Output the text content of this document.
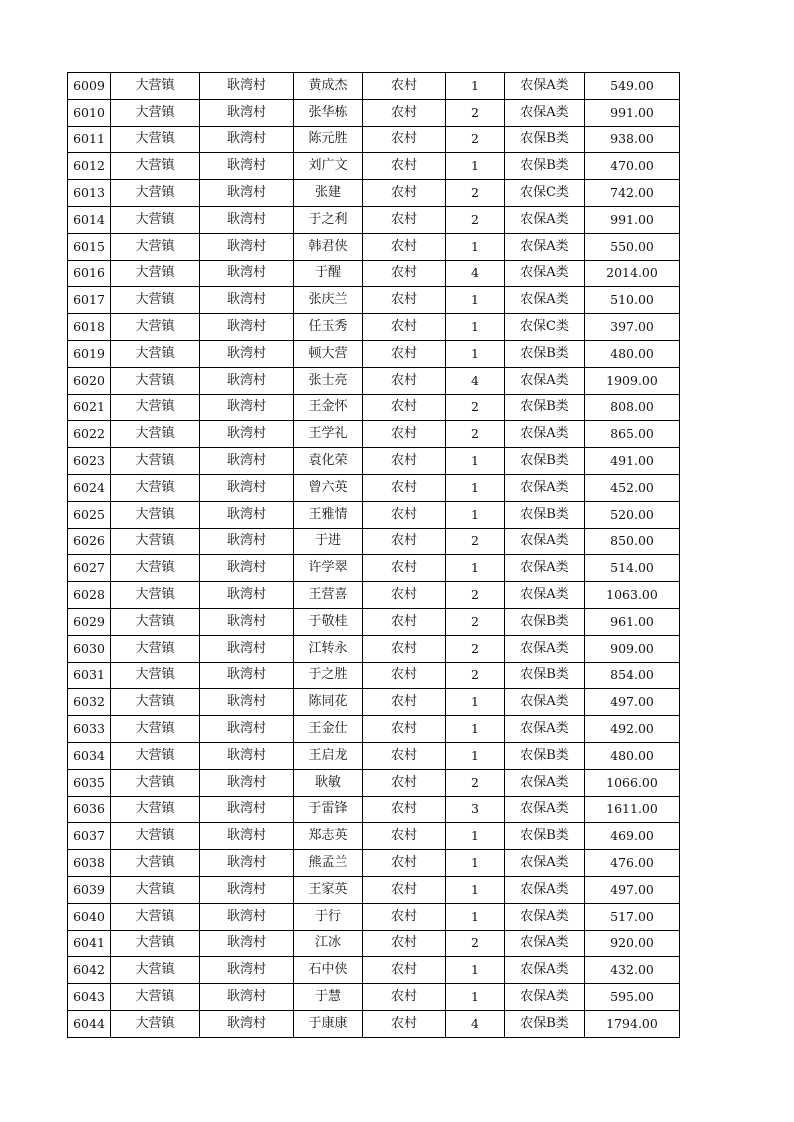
6009	大营镇	耿湾村	黄成杰	农村	1	农保A类	549.00
6010	大营镇	耿湾村	张华栋	农村	2	农保A类	991.00
6011	大营镇	耿湾村	陈元胜	农村	2	农保B类	938.00
6012	大营镇	耿湾村	刘广文	农村	1	农保B类	470.00
6013	大营镇	耿湾村	张建	农村	2	农保C类	742.00
6014	大营镇	耿湾村	于之利	农村	2	农保A类	991.00
6015	大营镇	耿湾村	韩君侠	农村	1	农保A类	550.00
6016	大营镇	耿湾村	于醒	农村	4	农保A类	2014.00
6017	大营镇	耿湾村	张庆兰	农村	1	农保A类	510.00
6018	大营镇	耿湾村	任玉秀	农村	1	农保C类	397.00
6019	大营镇	耿湾村	顿大营	农村	1	农保B类	480.00
6020	大营镇	耿湾村	张士亮	农村	4	农保A类	1909.00
6021	大营镇	耿湾村	王金怀	农村	2	农保B类	808.00
6022	大营镇	耿湾村	王学礼	农村	2	农保A类	865.00
6023	大营镇	耿湾村	袁化荣	农村	1	农保B类	491.00
6024	大营镇	耿湾村	曾六英	农村	1	农保A类	452.00
6025	大营镇	耿湾村	王雅情	农村	1	农保B类	520.00
6026	大营镇	耿湾村	于进	农村	2	农保A类	850.00
6027	大营镇	耿湾村	许学翠	农村	1	农保A类	514.00
6028	大营镇	耿湾村	王营喜	农村	2	农保A类	1063.00
6029	大营镇	耿湾村	于敬桂	农村	2	农保B类	961.00
6030	大营镇	耿湾村	江转永	农村	2	农保A类	909.00
6031	大营镇	耿湾村	于之胜	农村	2	农保B类	854.00
6032	大营镇	耿湾村	陈同花	农村	1	农保A类	497.00
6033	大营镇	耿湾村	王金仕	农村	1	农保A类	492.00
6034	大营镇	耿湾村	王启龙	农村	1	农保B类	480.00
6035	大营镇	耿湾村	耿敏	农村	2	农保A类	1066.00
6036	大营镇	耿湾村	于雷锋	农村	3	农保A类	1611.00
6037	大营镇	耿湾村	郑志英	农村	1	农保B类	469.00
6038	大营镇	耿湾村	熊孟兰	农村	1	农保A类	476.00
6039	大营镇	耿湾村	王家英	农村	1	农保A类	497.00
6040	大营镇	耿湾村	于行	农村	1	农保A类	517.00
6041	大营镇	耿湾村	江冰	农村	2	农保A类	920.00
6042	大营镇	耿湾村	石中侠	农村	1	农保A类	432.00
6043	大营镇	耿湾村	于慧	农村	1	农保A类	595.00
6044	大营镇	耿湾村	于康康	农村	4	农保B类	1794.00
